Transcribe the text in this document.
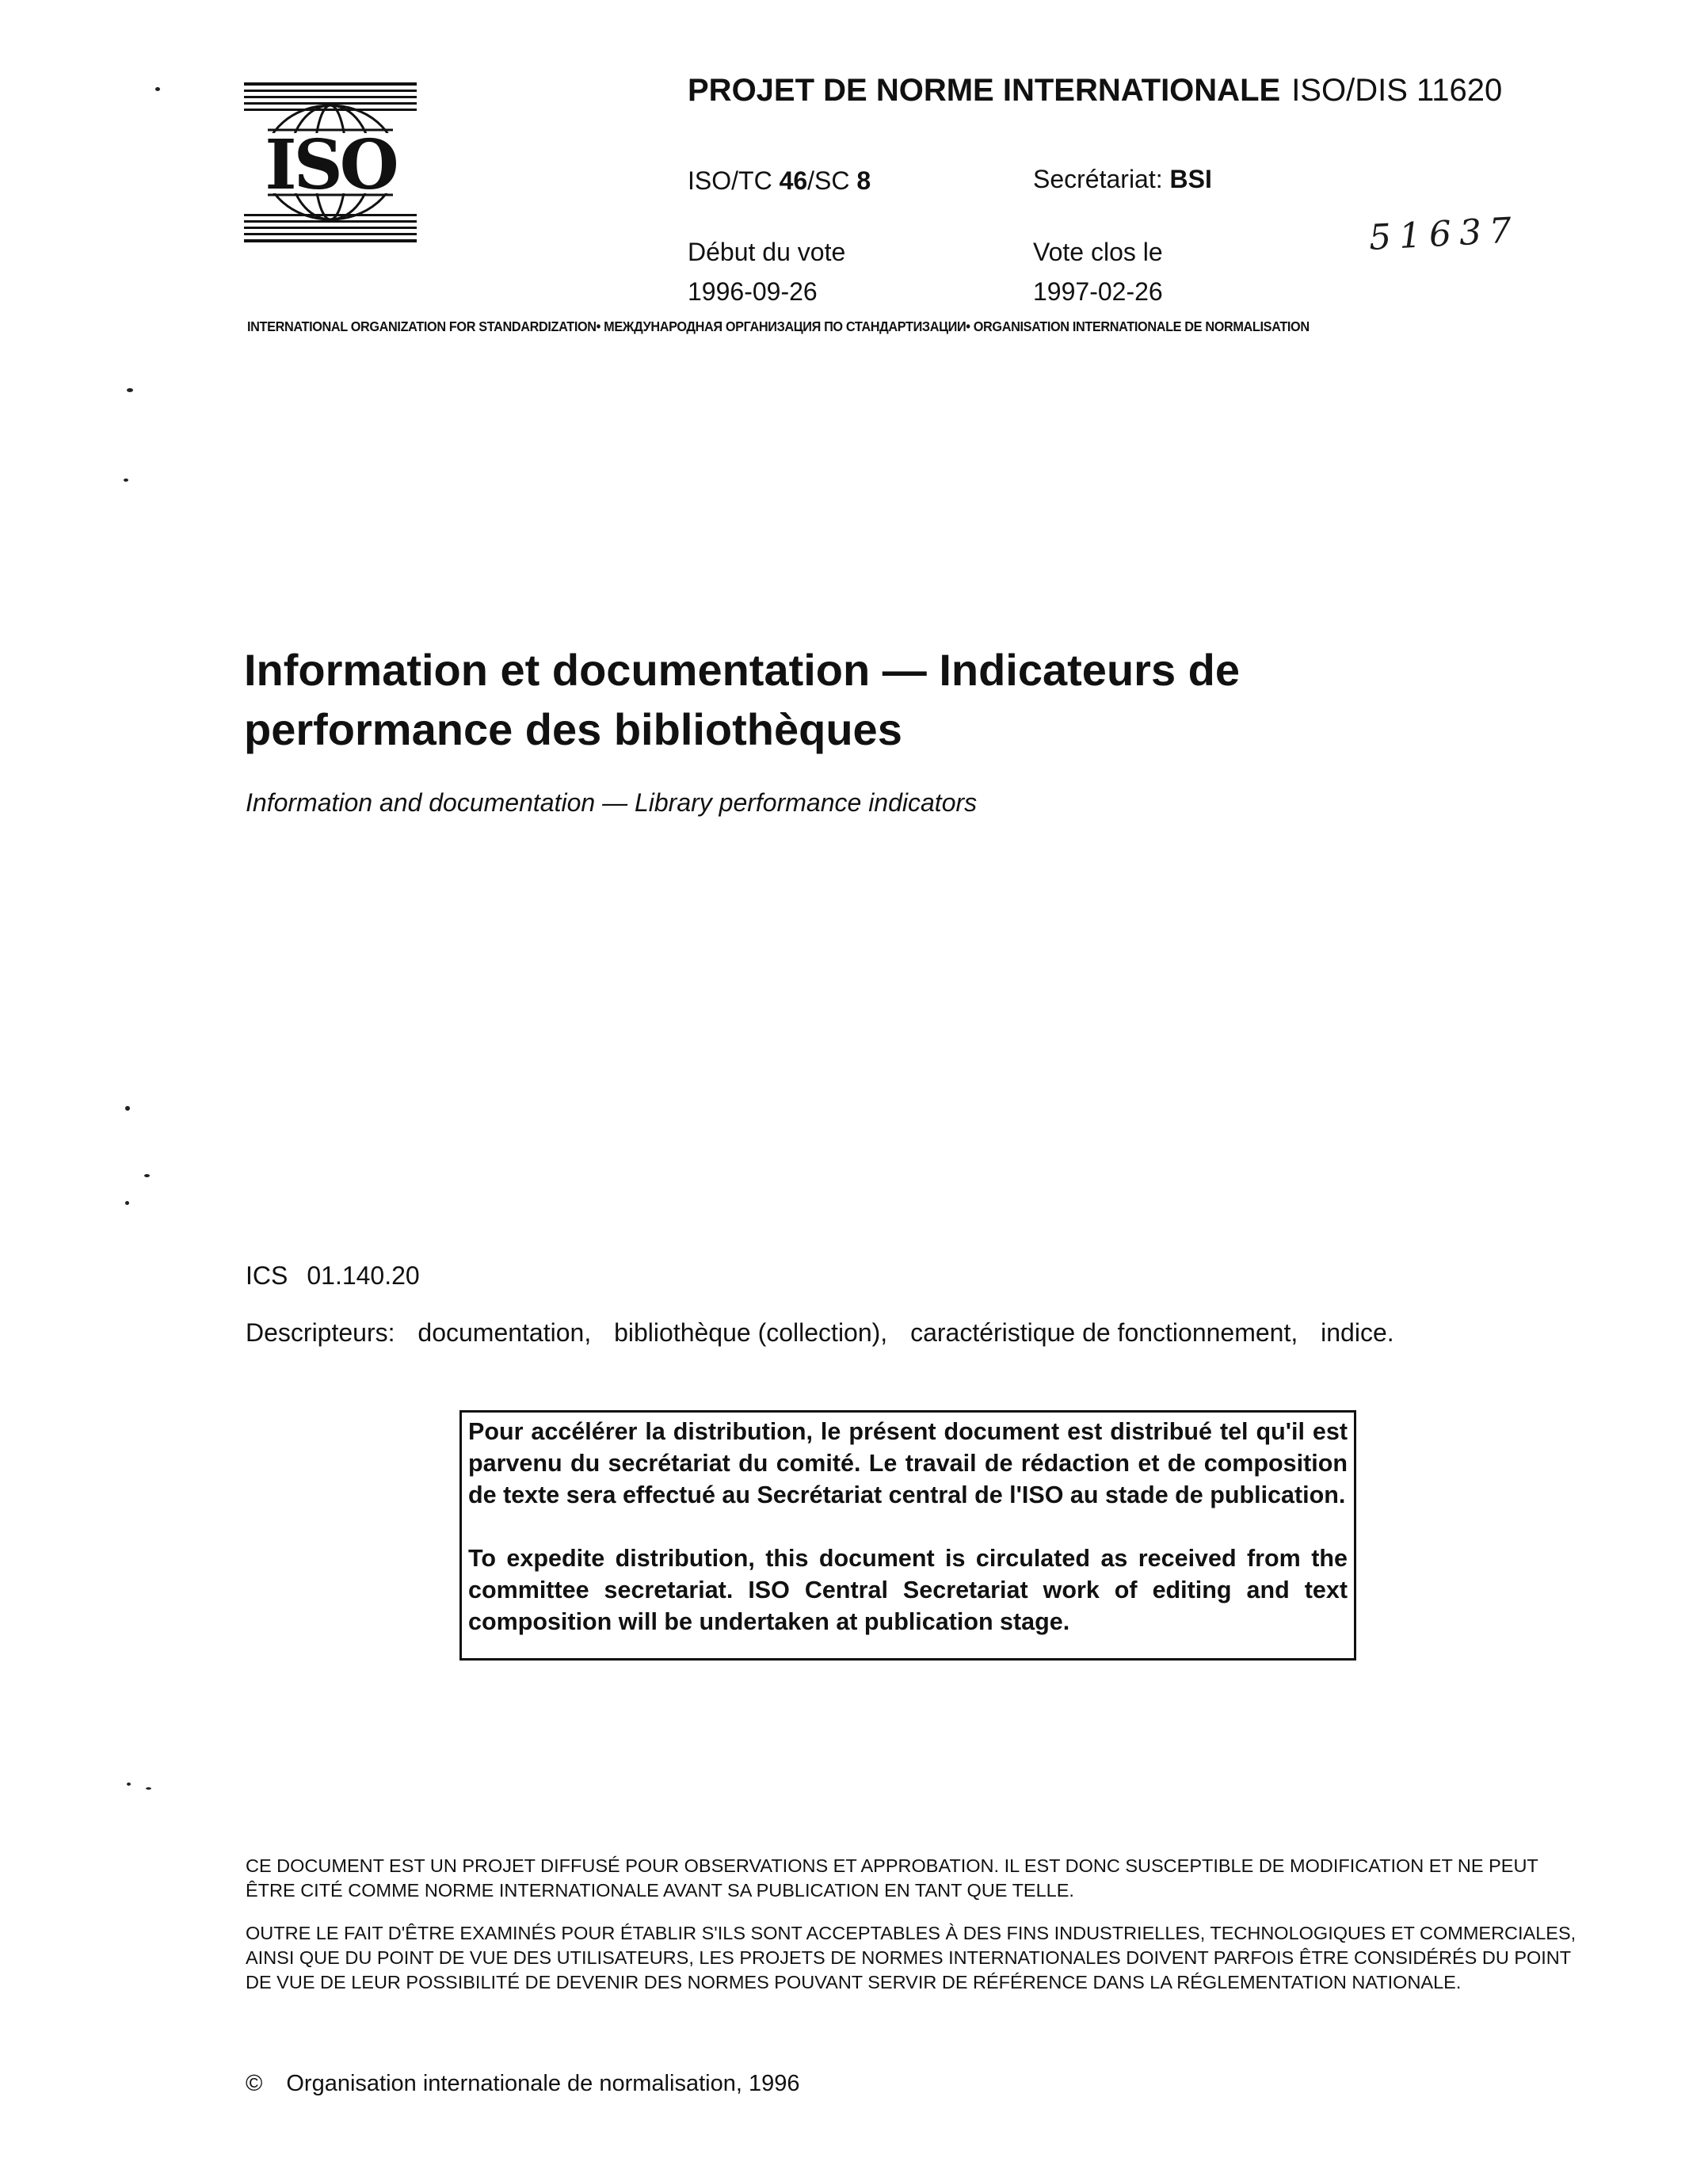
ISO
PROJET DE NORME INTERNATIONALE ISO/DIS 11620
ISO/TC 46/SC 8	Secrétariat: BSI
Début du vote
1996-09-26
Vote clos le
1997-02-26
51637
INTERNATIONAL ORGANIZATION FOR STANDARDIZATION• МЕЖДУНАРОДНАЯ ОРГАНИЗАЦИЯ ПО СТАНДАРТИЗАЦИИ• ORGANISATION INTERNATIONALE DE NORMALISATION
Information et documentation — Indicateurs de
performance des bibliothèques
Information and documentation — Library performance indicators
ICS 01.140.20
Descripteurs: documentation, bibliothèque (collection), caractéristique de fonctionnement, indice.

Pour accélérer la distribution, le présent document est distribué tel qu'il est parvenu du secrétariat du comité. Le travail de rédaction et de composition de texte sera effectué au Secrétariat central de l'ISO au stade de publication.

To expedite distribution, this document is circulated as received from the committee secretariat. ISO Central Secretariat work of editing and text composition will be undertaken at publication stage.

CE DOCUMENT EST UN PROJET DIFFUSÉ POUR OBSERVATIONS ET APPROBATION. IL EST DONC SUSCEPTIBLE DE MODIFICATION ET NE PEUT ÊTRE CITÉ COMME NORME INTERNATIONALE AVANT SA PUBLICATION EN TANT QUE TELLE.

OUTRE LE FAIT D'ÊTRE EXAMINÉS POUR ÉTABLIR S'ILS SONT ACCEPTABLES À DES FINS INDUSTRIELLES, TECHNOLOGIQUES ET COMMERCIALES, AINSI QUE DU POINT DE VUE DES UTILISATEURS, LES PROJETS DE NORMES INTERNATIONALES DOIVENT PARFOIS ÊTRE CONSIDÉRÉS DU POINT DE VUE DE LEUR POSSIBILITÉ DE DEVENIR DES NORMES POUVANT SERVIR DE RÉFÉRENCE DANS LA RÉGLEMENTATION NATIONALE.

© Organisation internationale de normalisation, 1996
